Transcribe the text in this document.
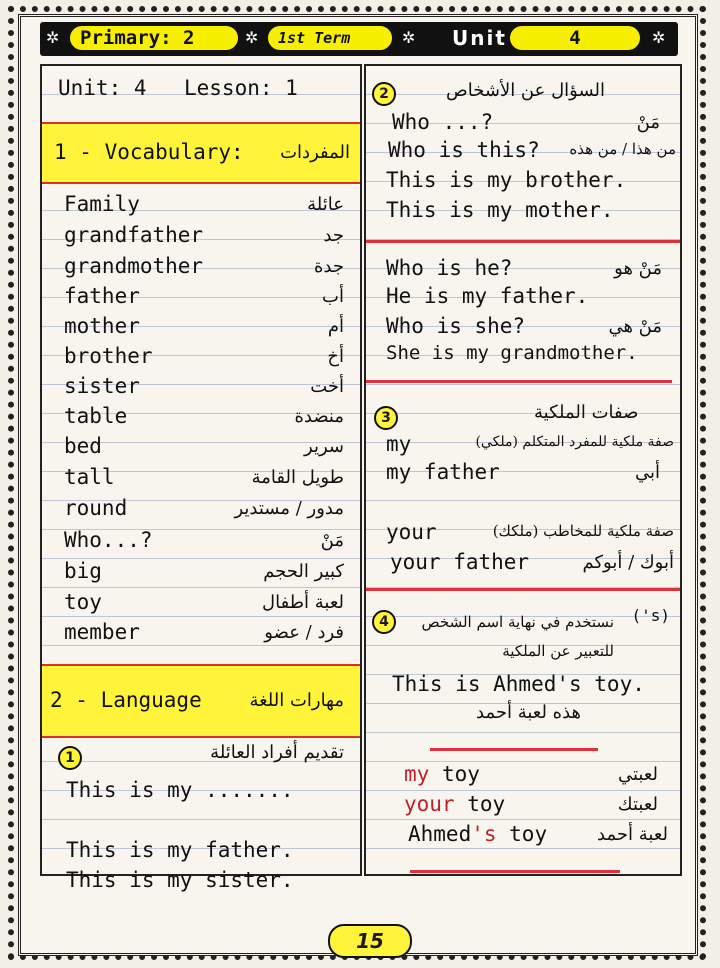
✲	Primary: 2	✲	1st Term	✲ Unit	4	✲
Unit: 4 Lesson: 1
1 - Vocabulary: المفردات
Family	عائلة
grandfather	جد
grandmother	جدة
father	أب
mother	أم
brother	أخ
sister	أخت
table	منضدة
bed	سرير
tall	طويل القامة
round	مدور / مستدير
Who...?	مَنْ
big	كبير الحجم
toy	لعبة أطفال
member	فرد / عضو
2 - Language	مهارات اللغة
1	تقديم أفراد العائلة
This is my .......
This is my father.
This is my sister.
2	السؤال عن الأشخاص
Who ...?	مَنْ
Who is this? من هذا / من هذه
This is my brother.
This is my mother.
Who is he?	مَنْ هو
He is my father.
Who is she?	مَنْ هي
She is my grandmother.
3	صفات الملكية
my	صفة ملكية للمفرد المتكلم (ملكي)
my father	أبي
your	صفة ملكية للمخاطب (ملكك)
your father	أبوك / أبوكم
4	('s)
نستخدم في نهاية اسم الشخص للتعبير عن الملكية
This is Ahmed's toy.
هذه لعبة أحمد
my toy	لعبتي
your toy	لعبتك
Ahmed's toy	لعبة أحمد
15
